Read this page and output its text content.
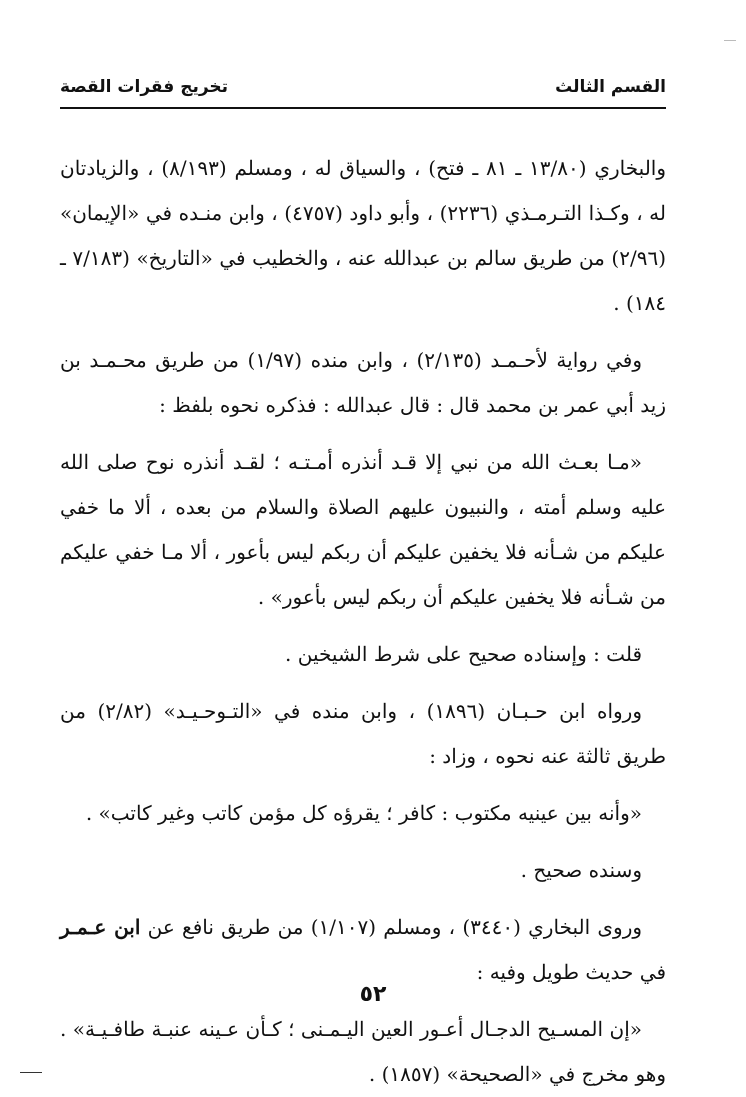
القسم الثالث
تخريج فقرات القصة

والبخاري (١٣/٨٠ ـ ٨١ ـ فتح) ، والسياق له ، ومسلم (٨/١٩٣) ، والزيادتان له ، وكـذا التـرمـذي (٢٢٣٦) ، وأبو داود (٤٧٥٧) ، وابن منـده في «الإيمان» (٢/٩٦) من طريق سالم بن عبدالله عنه ، والخطيب في «التاريخ» (٧/١٨٣ ـ ١٨٤) .

وفي رواية لأحـمـد (٢/١٣٥) ، وابن منده (١/٩٧) من طريق محـمـد بن زيد أبي عمر بن محمد قال : قال عبدالله : فذكره نحوه بلفظ :

«مـا بعـث الله من نبي إلا قـد أنذره أمـتـه ؛ لقـد أنذره نوح صلى الله عليه وسلم أمته ، والنبيون عليهم الصلاة والسلام من بعده ، ألا ما خفي عليكم من شـأنه فلا يخفين عليكم أن ربكم ليس بأعور ، ألا مـا خفي عليكم من شـأنه فلا يخفين عليكم أن ربكم ليس بأعور» .

قلت : وإسناده صحيح على شرط الشيخين .

ورواه ابن حـبـان (١٨٩٦) ، وابن منده في «التـوحـيـد» (٢/٨٢) من طريق ثالثة عنه نحوه ، وزاد :

«وأنه بين عينيه مكتوب : كافر ؛ يقرؤه كل مؤمن كاتب وغير كاتب» .

وسنده صحيح .

وروى البخاري (٣٤٤٠) ، ومسلم (١/١٠٧) من طريق نافع عن ابن عـمـر في حديث طويل وفيه :

«إن المسـيح الدجـال أعـور العين اليـمـنى ؛ كـأن عـينه عنبـة طافـيـة» . وهو مخرج في «الصحيحة» (١٨٥٧) .

٥٢
